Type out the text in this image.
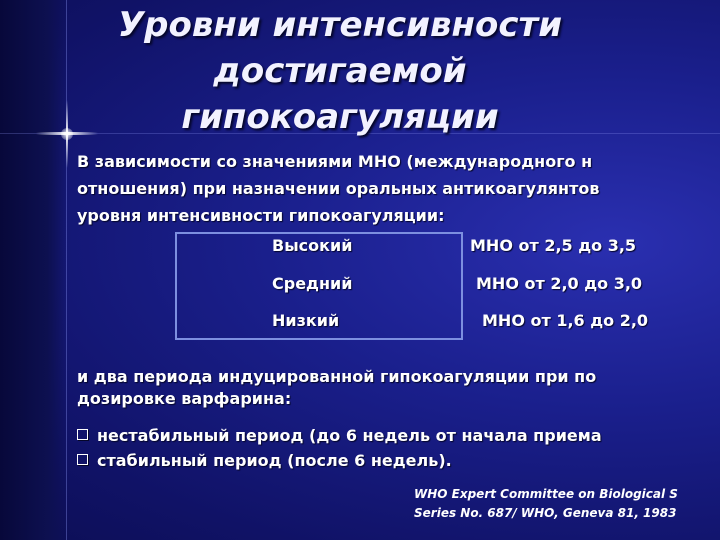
Уровни интенсивности
достигаемой
гипокоагуляции
В зависимости со значениями МНО (международного н
отношения) при назначении оральных антикоагулянтов
уровня интенсивности гипокоагуляции:
Высокий	МНО от 2,5 до 3,5
Средний	МНО от 2,0 до 3,0
Низкий	МНО от 1,6 до 2,0
и два периода индуцированной гипокоагуляции при по
дозировке варфарина:
нестабильный период (до 6 недель от начала приема
стабильный период (после 6 недель).
WHO Expert Committee on Biological S
Series No. 687/ WHO, Geneva 81, 1983
